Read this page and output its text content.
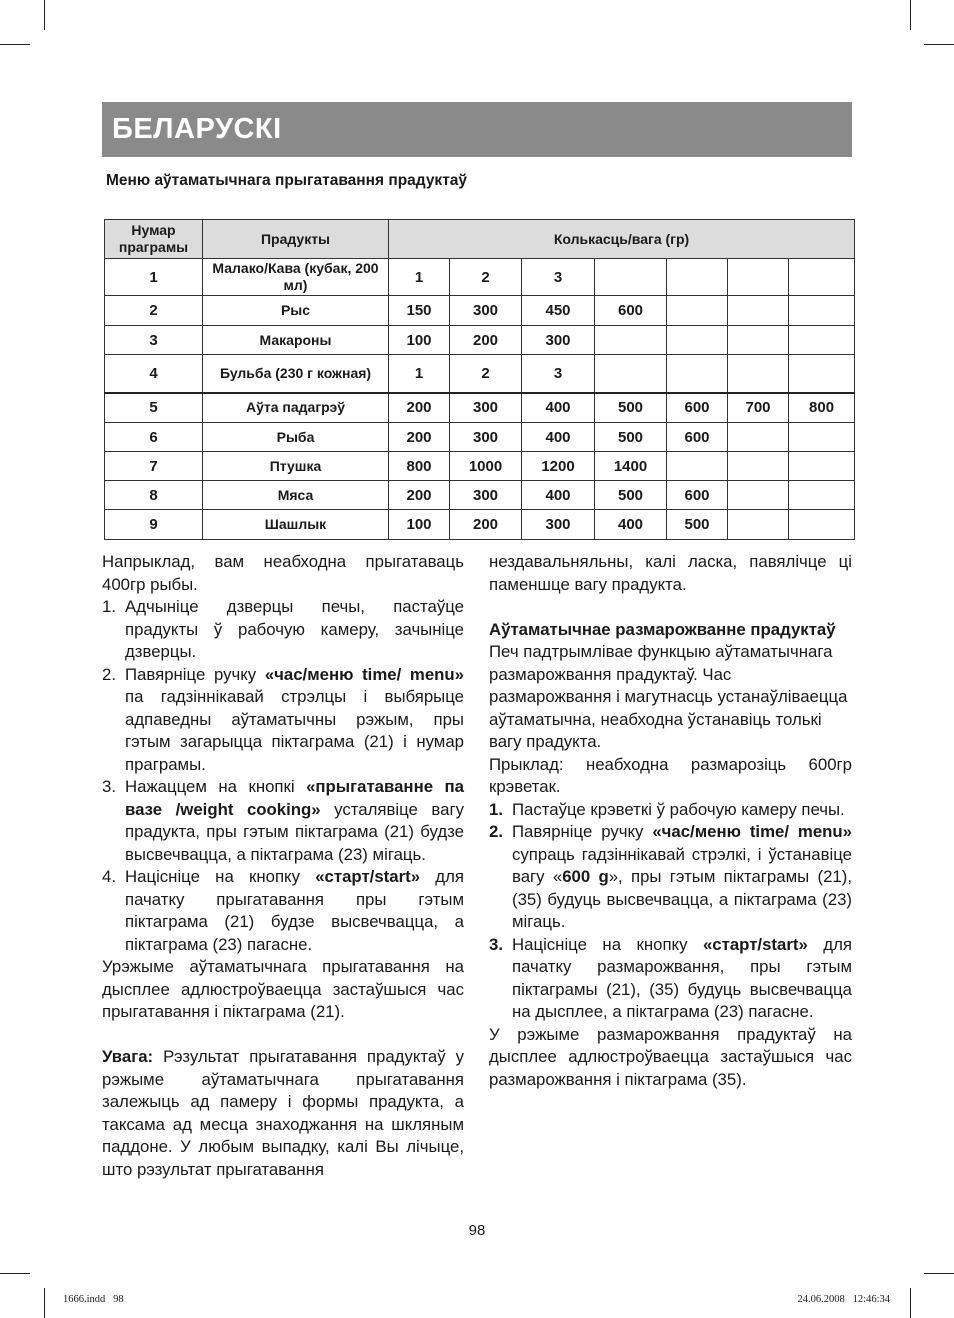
БЕЛАРУСКІ
Меню аўтаматычнага прыгатавання прадуктаў
Нумар праграмы	Прадукты	Колькасць/вага (гр)						
1	Малако/Кава (кубак, 200 мл)	1	2	3				
2	Рыс	150	300	450	600			
3	Макароны	100	200	300				
4	Бульба (230 г кожная)	1	2	3				
5	Аўта падагрэў	200	300	400	500	600	700	800
6	Рыба	200	300	400	500	600		
7	Птушка	800	1000	1200	1400			
8	Мяса	200	300	400	500	600		
9	Шашлык	100	200	300	400	500		

Напрыклад, вам неабходна прыгатаваць 400гр рыбы.

1. Адчыніце дзверцы печы, пастаўце прадукты ў рабочую камеру, зачыніце дзверцы.
2. Павярніце ручку «час/меню time/ menu» па гадзіннікавай стрэлцы і выбярыце адпаведны аўтаматычны рэжым, пры гэтым загарыцца піктаграма (21) і нумар праграмы.
3. Нажаццем на кнопкі «прыгатаванне па вазе /weight cooking» усталявіце вагу прадукта, пры гэтым піктаграма (21) будзе высвечвацца, а піктаграма (23) мігаць.
4. Націсніце на кнопку «старт/start» для пачатку прыгатавання пры гэтым піктаграма (21) будзе высвечвацца, а піктаграма (23) пагасне.

Урэжыме аўтаматычнага прыгатавання на дысплее адлюстроўваецца застаўшыся час прыгатавання і піктаграма (21).

Увага: Рэзультат прыгатавання прадуктаў у рэжыме аўтаматычнага прыгатавання залежыць ад памеру і формы прадукта, а таксама ад месца знаходжання на шкляным паддоне. У любым выпадку, калі Вы лічыце, што рэзультат прыгатавання

нездавальняльны, калі ласка, павялічце ці паменшце вагу прадукта.

Аўтаматычнае размарожванне прадуктаў

Печ падтрымлівае функцыю аўтаматычнага размарожвання прадуктаў. Час размарожвання і магутнасць устанаўліваецца аўтаматычна, неабходна ўстанавіць толькі вагу прадукта.

Прыклад: неабходна размарозіць 600гр крэветак.

1. Пастаўце крэветкі ў рабочую камеру печы.
2. Павярніце ручку «час/меню time/ menu» супраць гадзіннікавай стрэлкі, і ўстанавіце вагу «600 g», пры гэтым піктаграмы (21), (35) будуць высвечвацца, а піктаграма (23) мігаць.
3. Націсніце на кнопку «старт/start» для пачатку размарожвання, пры гэтым піктаграмы (21), (35) будуць высвечвацца на дысплее, а піктаграма (23) пагасне.

У рэжыме размарожвання прадуктаў на дысплее адлюстроўваецца застаўшыся час размарожвання і піктаграма (35).

98
1666.indd   98	24.06.2008   12:46:34
